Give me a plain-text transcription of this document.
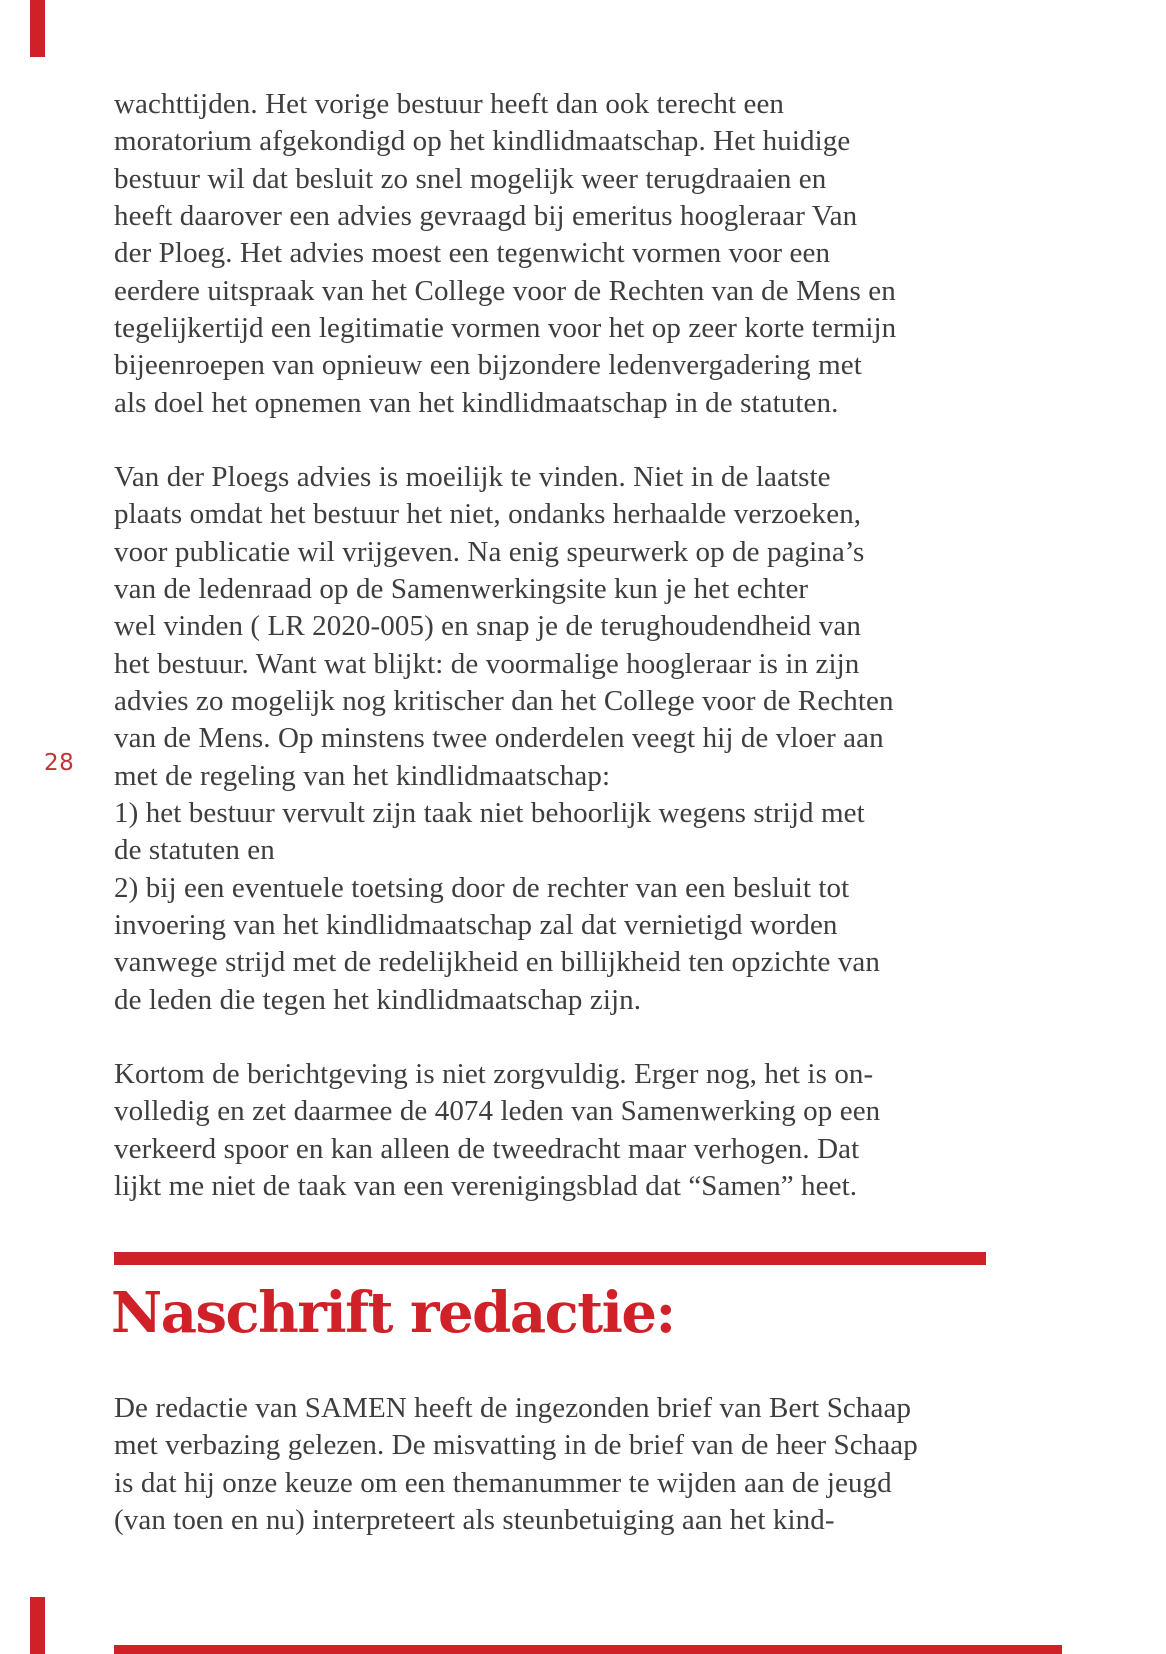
28
wachttijden. Het vorige bestuur heeft dan ook terecht een
moratorium afgekondigd op het kindlidmaatschap. Het huidige
bestuur wil dat besluit zo snel mogelijk weer terugdraaien en
heeft daarover een advies gevraagd bij emeritus hoogleraar Van
der Ploeg. Het advies moest een tegenwicht vormen voor een
eerdere uitspraak van het College voor de Rechten van de Mens en
tegelijkertijd een legitimatie vormen voor het op zeer korte termijn
bijeenroepen van opnieuw een bijzondere ledenvergadering met
als doel het opnemen van het kindlidmaatschap in de statuten.
Van der Ploegs advies is moeilijk te vinden. Niet in de laatste
plaats omdat het bestuur het niet, ondanks herhaalde verzoeken,
voor publicatie wil vrijgeven. Na enig speurwerk op de pagina’s
van de ledenraad op de Samenwerkingsite kun je het echter
wel vinden ( LR 2020-005) en snap je de terughoudendheid van
het bestuur. Want wat blijkt: de voormalige hoogleraar is in zijn
advies zo mogelijk nog kritischer dan het College voor de Rechten
van de Mens. Op minstens twee onderdelen veegt hij de vloer aan
met de regeling van het kindlidmaatschap:
1) het bestuur vervult zijn taak niet behoorlijk wegens strijd met
de statuten en
2) bij een eventuele toetsing door de rechter van een besluit tot
invoering van het kindlidmaatschap zal dat vernietigd worden
vanwege strijd met de redelijkheid en billijkheid ten opzichte van
de leden die tegen het kindlidmaatschap zijn.
Kortom de berichtgeving is niet zorgvuldig. Erger nog, het is on-
volledig en zet daarmee de 4074 leden van Samenwerking op een
verkeerd spoor en kan alleen de tweedracht maar verhogen. Dat
lijkt me niet de taak van een verenigingsblad dat “Samen” heet.
Naschrift redactie:
De redactie van SAMEN heeft de ingezonden brief van Bert Schaap
met verbazing gelezen. De misvatting in de brief van de heer Schaap
is dat hij onze keuze om een themanummer te wijden aan de jeugd
(van toen en nu) interpreteert als steunbetuiging aan het kind-
